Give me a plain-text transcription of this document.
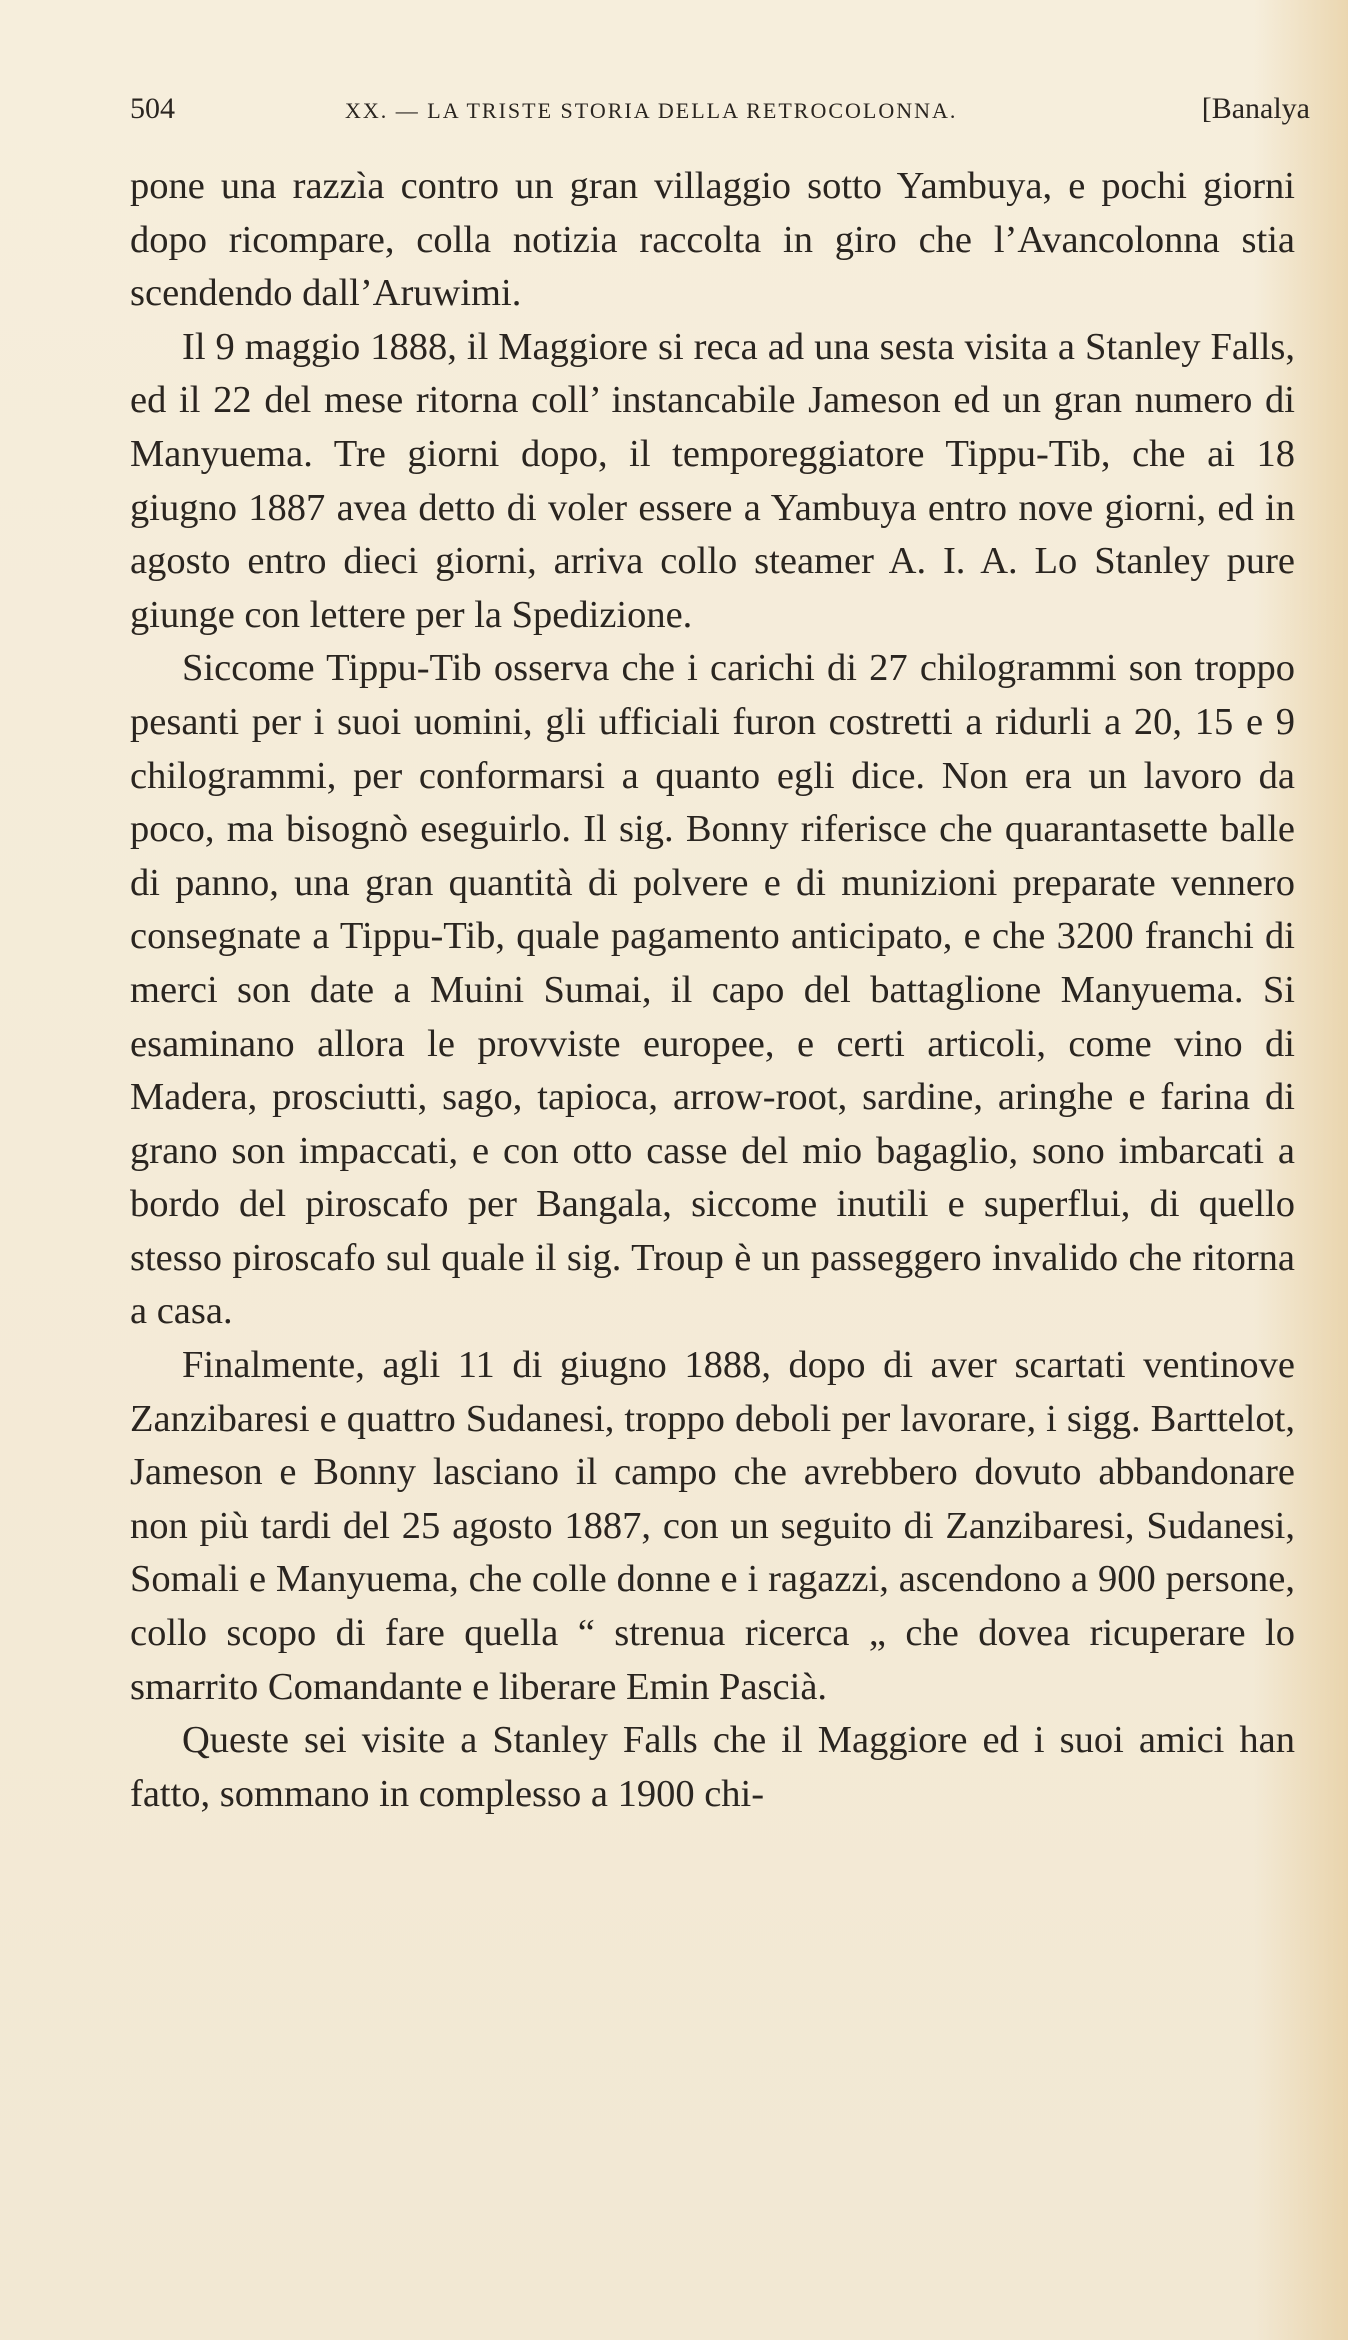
504	XX. — LA TRISTE STORIA DELLA RETROCOLONNA.	[Banalya

pone una razzìa contro un gran villaggio sotto Yambuya, e pochi giorni dopo ricompare, colla notizia raccolta in giro che l’Avancolonna stia scendendo dall’Aruwimi.

Il 9 maggio 1888, il Maggiore si reca ad una sesta visita a Stanley Falls, ed il 22 del mese ritorna coll’ instancabile Jameson ed un gran numero di Manyuema. Tre giorni dopo, il temporeggiatore Tippu-Tib, che ai 18 giugno 1887 avea detto di voler essere a Yambuya entro nove giorni, ed in agosto entro dieci giorni, arriva collo steamer A. I. A. Lo Stanley pure giunge con lettere per la Spedizione.

Siccome Tippu-Tib osserva che i carichi di 27 chilogrammi son troppo pesanti per i suoi uomini, gli ufficiali furon costretti a ridurli a 20, 15 e 9 chilogrammi, per conformarsi a quanto egli dice. Non era un lavoro da poco, ma bisognò eseguirlo. Il sig. Bonny riferisce che quarantasette balle di panno, una gran quantità di polvere e di munizioni preparate vennero consegnate a Tippu-Tib, quale pagamento anticipato, e che 3200 franchi di merci son date a Muini Sumai, il capo del battaglione Manyuema. Si esaminano allora le provviste europee, e certi articoli, come vino di Madera, prosciutti, sago, tapioca, arrow-root, sardine, aringhe e farina di grano son impaccati, e con otto casse del mio bagaglio, sono imbarcati a bordo del piroscafo per Bangala, siccome inutili e superflui, di quello stesso piroscafo sul quale il sig. Troup è un passeggero invalido che ritorna a casa.

Finalmente, agli 11 di giugno 1888, dopo di aver scartati ventinove Zanzibaresi e quattro Sudanesi, troppo deboli per lavorare, i sigg. Barttelot, Jameson e Bonny lasciano il campo che avrebbero dovuto abbandonare non più tardi del 25 agosto 1887, con un seguito di Zanzibaresi, Sudanesi, Somali e Manyuema, che colle donne e i ragazzi, ascendono a 900 persone, collo scopo di fare quella “ strenua ricerca „ che dovea ricuperare lo smarrito Comandante e liberare Emin Pascià.

Queste sei visite a Stanley Falls che il Maggiore ed i suoi amici han fatto, sommano in complesso a 1900 chi-
